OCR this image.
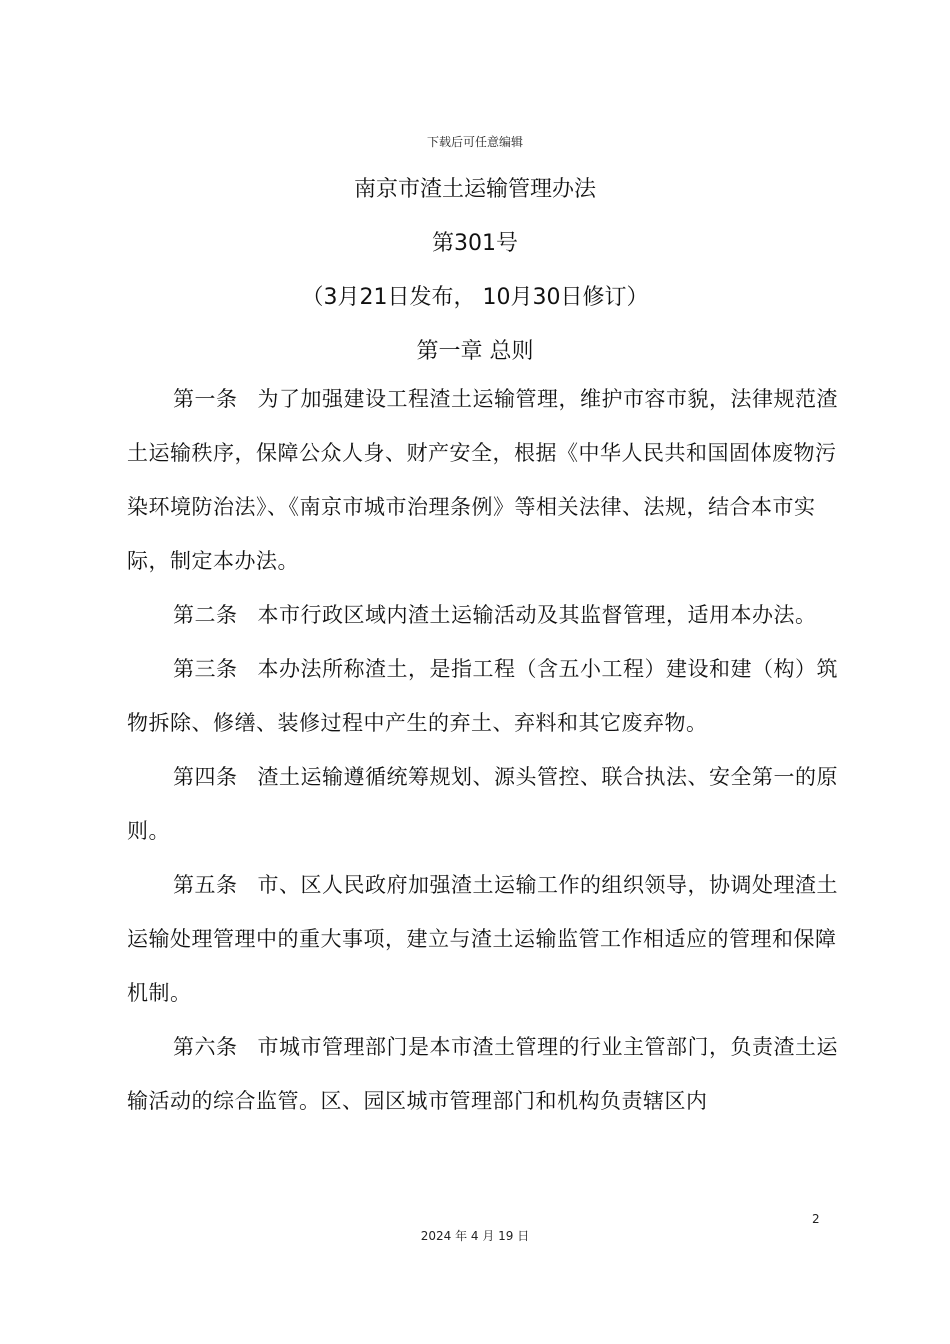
下载后可任意编辑
南京市渣土运输管理办法
第301号
（3月21日发布， 10月30日修订）
第一章 总则

第一条 为了加强建设工程渣土运输管理，维护市容市貌，法律规范渣土运输秩序，保障公众人身、财产安全，根据《中华人民共和国固体废物污染环境防治法》、《南京市城市治理条例》等相关法律、法规，结合本市实际，制定本办法。

第二条 本市行政区域内渣土运输活动及其监督管理，适用本办法。

第三条 本办法所称渣土，是指工程（含五小工程）建设和建（构）筑物拆除、修缮、装修过程中产生的弃土、弃料和其它废弃物。

第四条 渣土运输遵循统筹规划、源头管控、联合执法、安全第一的原则。

第五条 市、区人民政府加强渣土运输工作的组织领导，协调处理渣土运输处理管理中的重大事项，建立与渣土运输监管工作相适应的管理和保障机制。

第六条 市城市管理部门是本市渣土管理的行业主管部门，负责渣土运输活动的综合监管。区、园区城市管理部门和机构负责辖区内

2
2024 年 4 月 19 日
